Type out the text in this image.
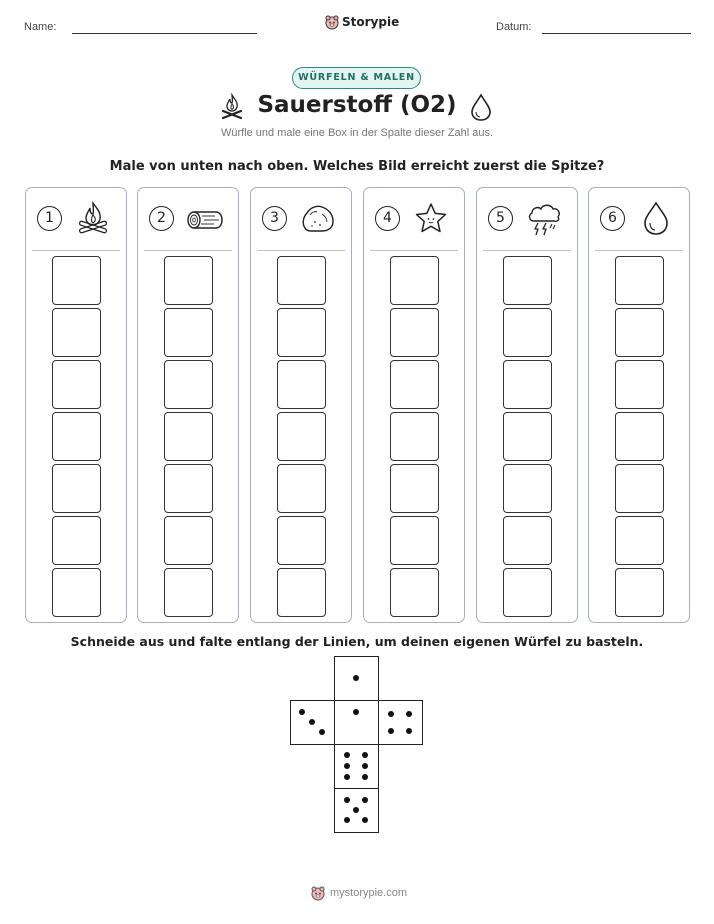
Name:	Storypie	Datum:
WÜRFELN & MALEN
Sauerstoff (O2)
Würfle und male eine Box in der Spalte dieser Zahl aus.
Male von unten nach oben. Welches Bild erreicht zuerst die Spitze?
1	2	3	4	5	6
Schneide aus und falte entlang der Linien, um deinen eigenen Würfel zu basteln.
mystorypie.com
